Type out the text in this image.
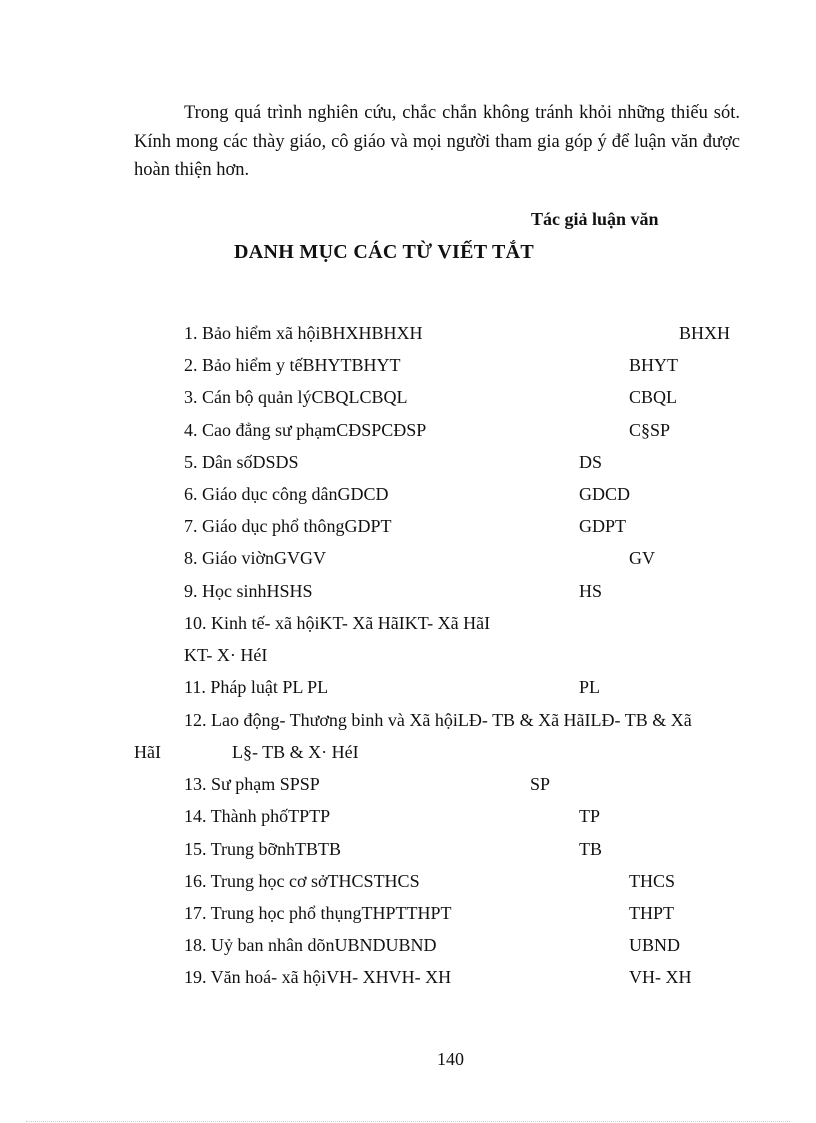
Trong quá trình nghiên cứu, chắc chắn không tránh khỏi những thiếu sót. Kính mong các thày giáo, cô giáo và mọi người tham gia góp ý để luận văn được hoàn thiện hơn.

Tác giả luận văn
DANH MỤC CÁC TỪ VIẾT TẮT
1. Bảo hiểm xã hộiBHXHBHXH	BHXH
2. Bảo hiểm y tếBHYTBHYT	BHYT
3. Cán bộ quản lýCBQLCBQL	CBQL
4. Cao đẳng sư phạmCĐSPCĐSP	C§SP
5. Dân sốDSDS	DS
6. Giáo dục công dânGDCD	GDCD
7. Giáo dục phổ thôngGDPT	GDPT
8. Giáo viờnGVGV	GV
9. Học sinhHSHS	HS
10. Kinh tế- xã hộiKT- Xã HãIKT- Xã HãI
KT- X· HéI
11. Pháp luật PL PL	PL
12. Lao động- Thương binh và Xã hộiLĐ- TB & Xã HãILĐ- TB & Xã
HãI	L§- TB & X· HéI
13. Sư phạm SPSP	SP
14. Thành phốTPTP	TP
15. Trung bỡnhTBTB	TB
16. Trung học cơ sởTHCSTHCS	THCS
17. Trung học phổ thụngTHPTTHPT	THPT
18. Uỷ ban nhân dõnUBNDUBND	UBND
19. Văn hoá- xã hộiVH- XHVH- XH	VH- XH
140
